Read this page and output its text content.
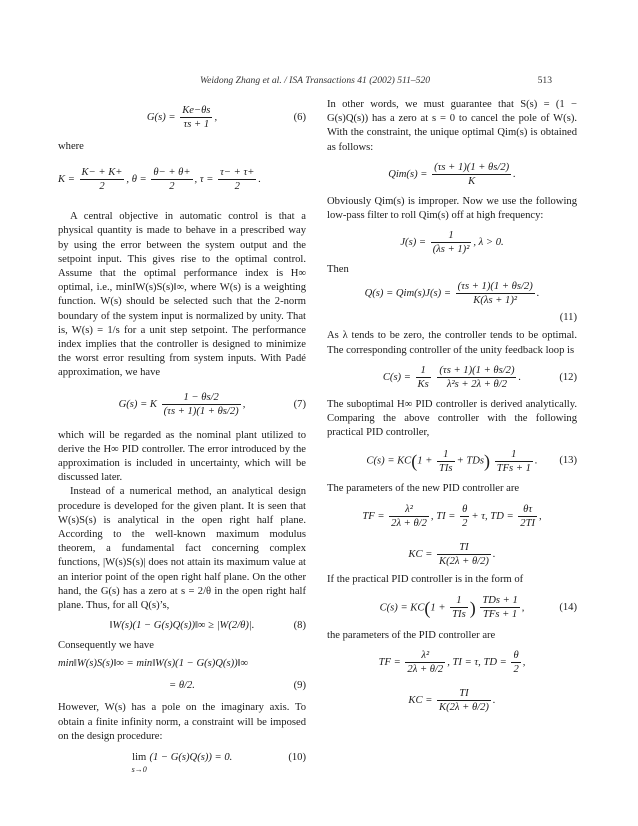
Weidong Zhang et al. / ISA Transactions 41 (2002) 511–520	513
$G(s) = \frac{Ke-\theta s}{\tau s + 1}$ ,	(6)

where

$K = \frac{K- + K+}{2}$ , $\theta = \frac{\theta- + \theta+}{2}$ , $\tau = \frac{\tau- + \tau+}{2}$ .

A central objective in automatic control is that a physical quantity is made to behave in a prescribed way by using the error between the system output and the setpoint input. This gives rise to the optimal control. Assume that the optimal performance index is H∞ optimal, i.e., min‖W(s)S(s)‖∞, where W(s) is a weighting function. W(s) should be selected such that the 2-norm boundary of the system input is normalized by unity. That is, W(s) = 1/s for a unit step setpoint. The performance index implies that the controller is designed to minimize the worst error resulting from system inputs. With Padé approximation, we have

G(s) = K $\frac{1 - \theta s/2}{(\tau s + 1)(1 + \theta s/2)}$ ,	(7)

which will be regarded as the nominal plant utilized to derive the H∞ PID controller. The error introduced by the approximation is included in uncertainty, which will be discussed later.

Instead of a numerical method, an analytical design procedure is developed for the given plant. It is seen that W(s)S(s) is analytical in the open right half plane. According to the well-known maximum modulus theorem, a fundamental fact concerning complex functions, |W(s)S(s)| does not attain its maximum value at an interior point of the open right half plane. On the other hand, the G(s) has a zero at s = 2/θ in the open right half plane. Thus, for all Q(s)’s,

‖W(s)(1 − G(s)Q(s))‖∞ ≥ |W(2/θ)|.	(8)

Consequently we have

min‖W(s)S(s)‖∞ = min‖W(s)(1 − G(s)Q(s))‖∞
= θ/2.	(9)

However, W(s) has a pole on the imaginary axis. To obtain a finite infinity norm, a constraint will be imposed on the design procedure:

lim
s→0
(1 − G(s)Q(s)) = 0.	(10)

In other words, we must guarantee that S(s) = (1 − G(s)Q(s)) has a zero at s = 0 to cancel the pole of W(s). With the constraint, the unique optimal Qim(s) is obtained as follows:

$Qim(s) = \frac{(\tau s + 1)(1 + \theta s/2)}{K}$ .

Obviously Qim(s) is improper. Now we use the following low-pass filter to roll Qim(s) off at high frequency:

$J(s) = \frac{1}{\text{(λs + 1)²}}$ , λ > 0.

Then

$Q(s) = Qim(s)J(s) = \frac{(\tau s + 1)(1 + \theta s/2)}{\text{K(λs + 1)²}}$ .
(11)

As λ tends to be zero, the controller tends to be optimal. The corresponding controller of the unity feedback loop is

$C(s) = \frac{1}{Ks}$
$\frac{(\tau s + 1)(1 + \theta s/2)}{\text{λ²s + 2λ + θ/2}}$ .	(12)

The suboptimal H∞ PID controller is derived analytically. Comparing the above controller with the following practical PID controller,

$C(s) = KC(1 + \frac{1}{\text{TIs}} + TDs) \frac{1}{\text{TFs + 1}}$ . (13)

The parameters of the new PID controller are

TF = $\frac{\text{λ²}}{2\lambda + \theta/2}$ , TI = $\frac{\theta}{2} + \tau$, TD = $\frac{\theta\tau}{2TI}$ ,
KC = $\frac{TI}{K(2\lambda + \theta/2)}$ .

If the practical PID controller is in the form of

$C(s) = KC(1 + \frac{1}{\text{TIs}}$ ) $\frac{\text{TDs + 1}}{\text{TFs + 1}}$ ,	(14)

the parameters of the PID controller are

TF = $\frac{\text{λ²}}{2\lambda + \theta/2}$ , TI = τ, TD = $\frac{\theta}{2}$ ,
KC = $\frac{TI}{K(2\lambda + \theta/2)}$ .
